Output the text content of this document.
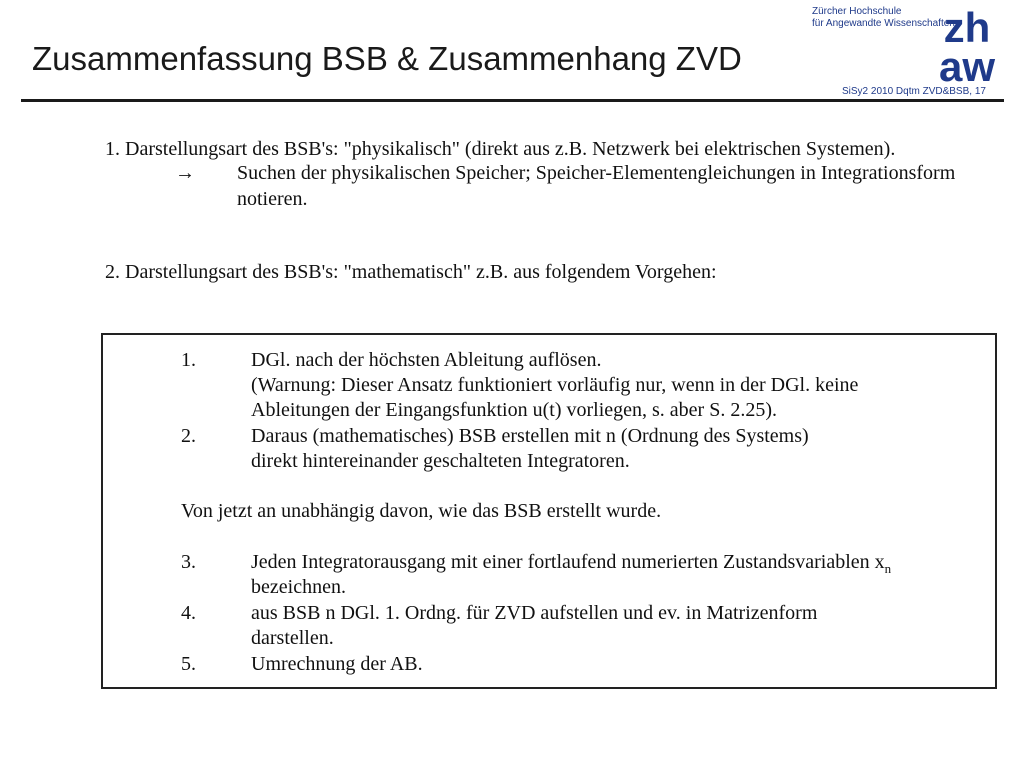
Zusammenfassung BSB & Zusammenhang ZVD
Zürcher Hochschule
für Angewandte Wissenschaften
zh
aw
SiSy2 2010 Dqtm ZVD&BSB, 17
1. Darstellungsart des BSB's: "physikalisch" (direkt aus z.B. Netzwerk bei elektrischen Systemen).
→ Suchen der physikalischen Speicher; Speicher-Elementengleichungen in Integrationsform
notieren.
2. Darstellungsart des BSB's: "mathematisch" z.B. aus folgendem Vorgehen:
1.	DGl. nach der höchsten Ableitung auflösen.
(Warnung: Dieser Ansatz funktioniert vorläufig nur, wenn in der DGl. keine
Ableitungen der Eingangsfunktion u(t) vorliegen, s. aber S. 2.25).
2.	Daraus (mathematisches) BSB erstellen mit n (Ordnung des Systems)
direkt hintereinander geschalteten Integratoren.
Von jetzt an unabhängig davon, wie das BSB erstellt wurde.
3.	Jeden Integratorausgang mit einer fortlaufend numerierten Zustandsvariablen $x_n$
bezeichnen.
4.	aus BSB n DGl. 1. Ordng. für ZVD aufstellen und ev. in Matrizenform
darstellen.
5.	Umrechnung der AB.
